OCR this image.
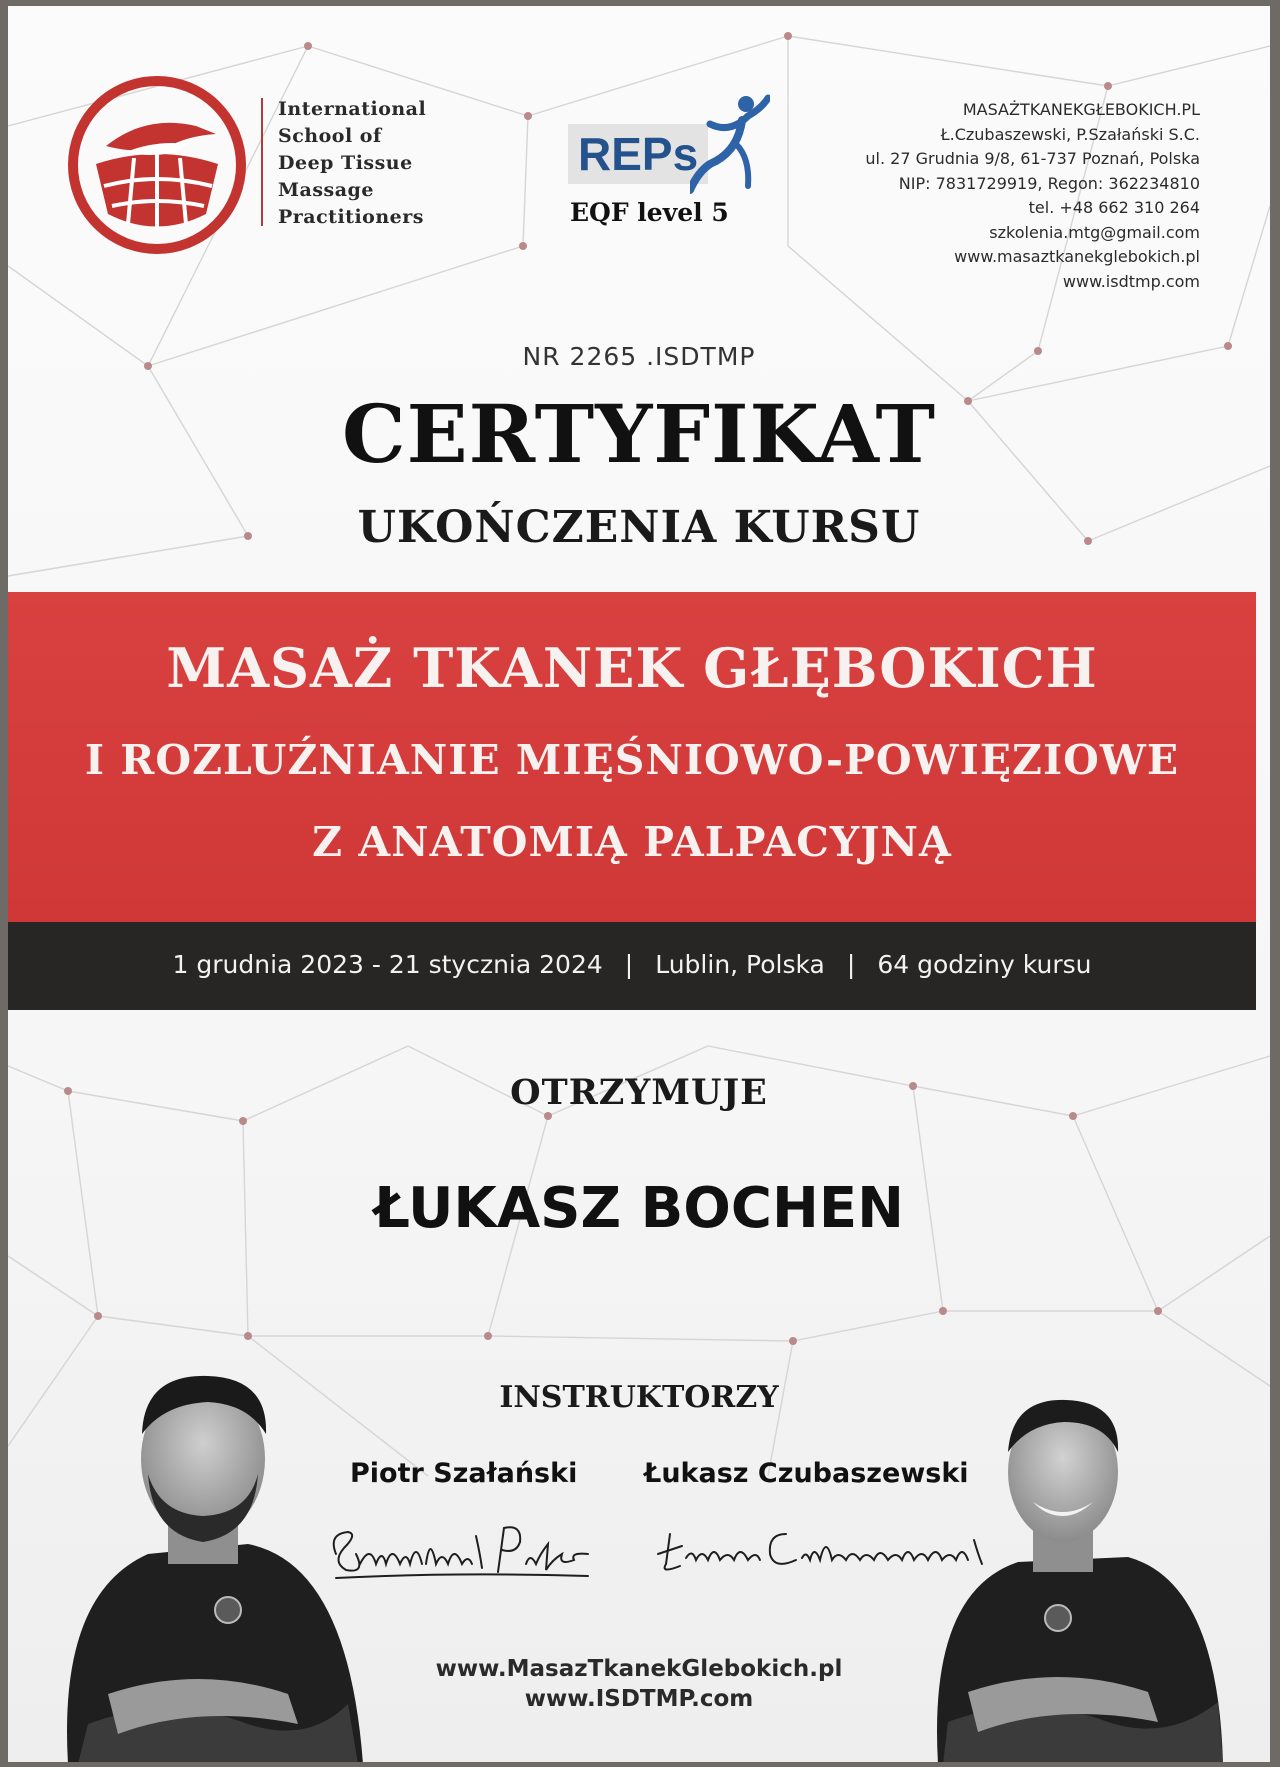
International
School of
Deep Tissue
Massage
Practitioners
REPs
EQF level 5
MASAŻTKANEKGŁEBOKICH.PL
Ł.Czubaszewski, P.Szałański S.C.
ul. 27 Grudnia 9/8, 61-737 Poznań, Polska
NIP: 7831729919, Regon: 362234810
tel. +48 662 310 264
szkolenia.mtg@gmail.com
www.masaztkanekglebokich.pl
www.isdtmp.com
NR 2265 .ISDTMP
CERTYFIKAT
UKOŃCZENIA KURSU
MASAŻ TKANEK GŁĘBOKICH
I ROZLUŹNIANIE MIĘŚNIOWO-POWIĘZIOWE
Z ANATOMIĄ PALPACYJNĄ
1 grudnia 2023 - 21 stycznia 2024 | Lublin, Polska | 64 godziny kursu
OTRZYMUJE
ŁUKASZ BOCHEN
INSTRUKTORZY
Piotr Szałański Łukasz Czubaszewski
www.MasazTkanekGlebokich.pl
www.ISDTMP.com
